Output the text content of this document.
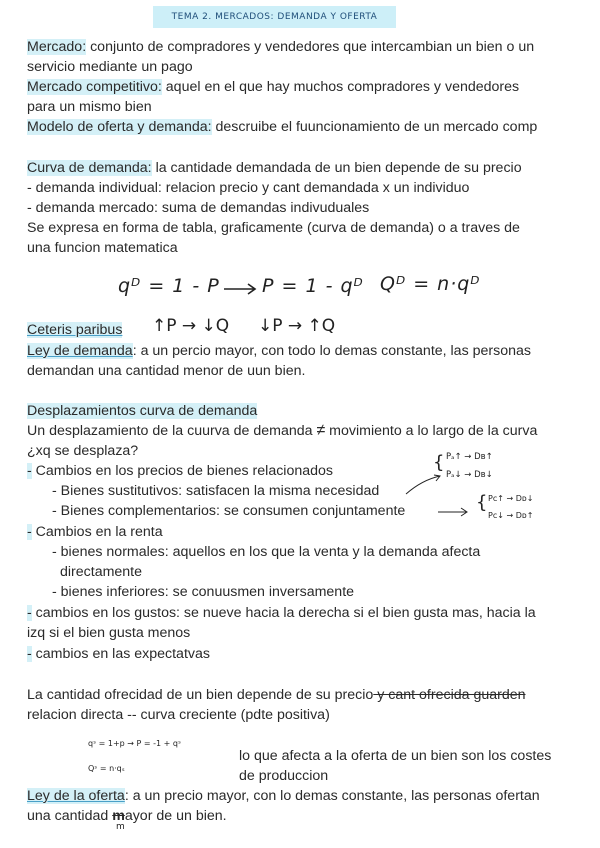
TEMA 2. MERCADOS: DEMANDA Y OFERTA
Mercado: conjunto de compradores y vendedores que intercambian un bien o un
servicio mediante un pago
Mercado competitivo: aquel en el que hay muchos compradores y vendedores
para un mismo bien
Modelo de oferta y demanda: descruibe el fuuncionamiento de un mercado comp
Curva de demanda: la cantidade demandada de un bien depende de su precio
- demanda individual: relacion precio y cant demandada x un individuo
- demanda mercado: suma de demandas indivuduales
Se expresa en forma de tabla, graficamente (curva de demanda) o a traves de
una funcion matematica
qᴰ = 1 - P P = 1 - qᴰ Qᴰ = n·qᴰ
Ceteris paribus ↑P → ↓Q ↓P → ↑Q
Ley de demanda: a un percio mayor, con todo lo demas constante, las personas
demandan una cantidad menor de uun bien.
Desplazamientos curva de demanda
Un desplazamiento de la cuurva de demanda ≠ movimiento a lo largo de la curva
¿xq se desplaza?
- Cambios en los precios de bienes relacionados
- Bienes sustitutivos: satisfacen la misma necesidad
- Bienes complementarios: se consumen conjuntamente
{ Pₐ↑ → Dʙ↑
Pₐ↓ → Dʙ↓
{ Pᴄ↑ → Dᴅ↓
Pᴄ↓ → Dᴅ↑
- Cambios en la renta
- bienes normales: aquellos en los que la venta y la demanda afecta
directamente
- bienes inferiores: se conuusmen inversamente
- cambios en los gustos: se nueve hacia la derecha si el bien gusta mas, hacia la
izq si el bien gusta menos
- cambios en las expectatvas
La cantidad ofrecidad de un bien depende de su precio y cant ofrecida guarden
relacion directa -- curva creciente (pdte positiva)
qˢ = 1+p → P = -1 + qˢ
Qˢ = n·qₛ
lo que afecta a la oferta de un bien son los costes
de produccion
Ley de la oferta: a un precio mayor, con lo demas constante, las personas ofertan
una cantidad mayor de un bien.
m
